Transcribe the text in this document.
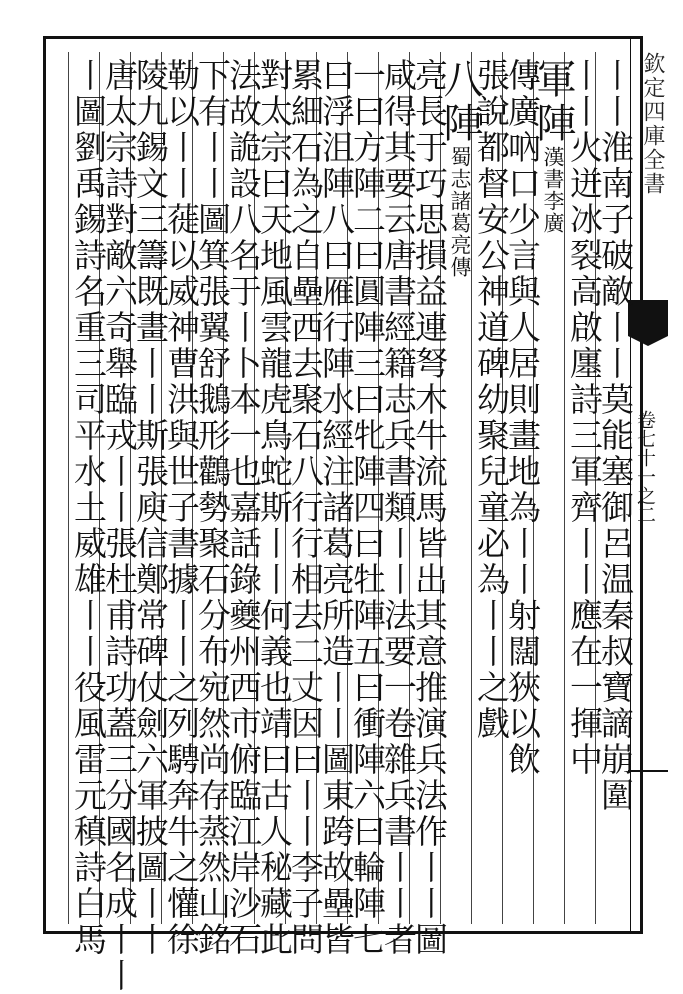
欽定四庫全書
卷七十一之二
丨丨淮南子破敵丨丨莫能塞御呂温秦叔寶謫崩圍
丨丨火迸冰裂高啟廛詩三軍齊丨丨應在一揮中
軍陣漢書李廣
傳廣吶口少言與人居則畫地為丨丨射闊狹以飲
張說都督安公神道碑幼聚兒童必為丨丨之戲
八陣蜀志諸葛亮傳
亮長于巧思損益連弩木牛流馬皆出其意推演兵法作丨丨圖
咸得其要云唐書經籍志兵書類丨丨法要一卷雜兵書丨丨者
一曰方陣二曰圓陣三曰牝陣四曰牡陣五曰衝陣六曰輪陣七
曰浮沮陣八曰雁行陣水經注諸葛亮所造丨丨圖東跨故壘皆
累細石為之自壘西去聚石八行行相去二丈因曰丨丨李子問
對太宗曰天地風雲龍虎鳥蛇斯丨丨何義也靖曰古人秘藏此
法故詭設八名于丨卜本一也嘉話錄夔州西市俯臨江岸沙石
下有丨丨圖箕張翼舒鵝形鸛勢聚石分布宛然尚存蒸然山銘
勒以丨丨蓰以威神曹洪與世子書據丨丨之列騁奔牛之懽徐
陵九錫文三籌既畫丨丨斯張庾信鄭常碑仗劍六軍披圖丨丨
唐太宗詩對敵六奇舉臨戎丨丨張杜甫詩功蓋三分國名成丨丨
丨圖劉禹錫詩名重三司平水土威雄丨丨役風雷元稹詩白馬
